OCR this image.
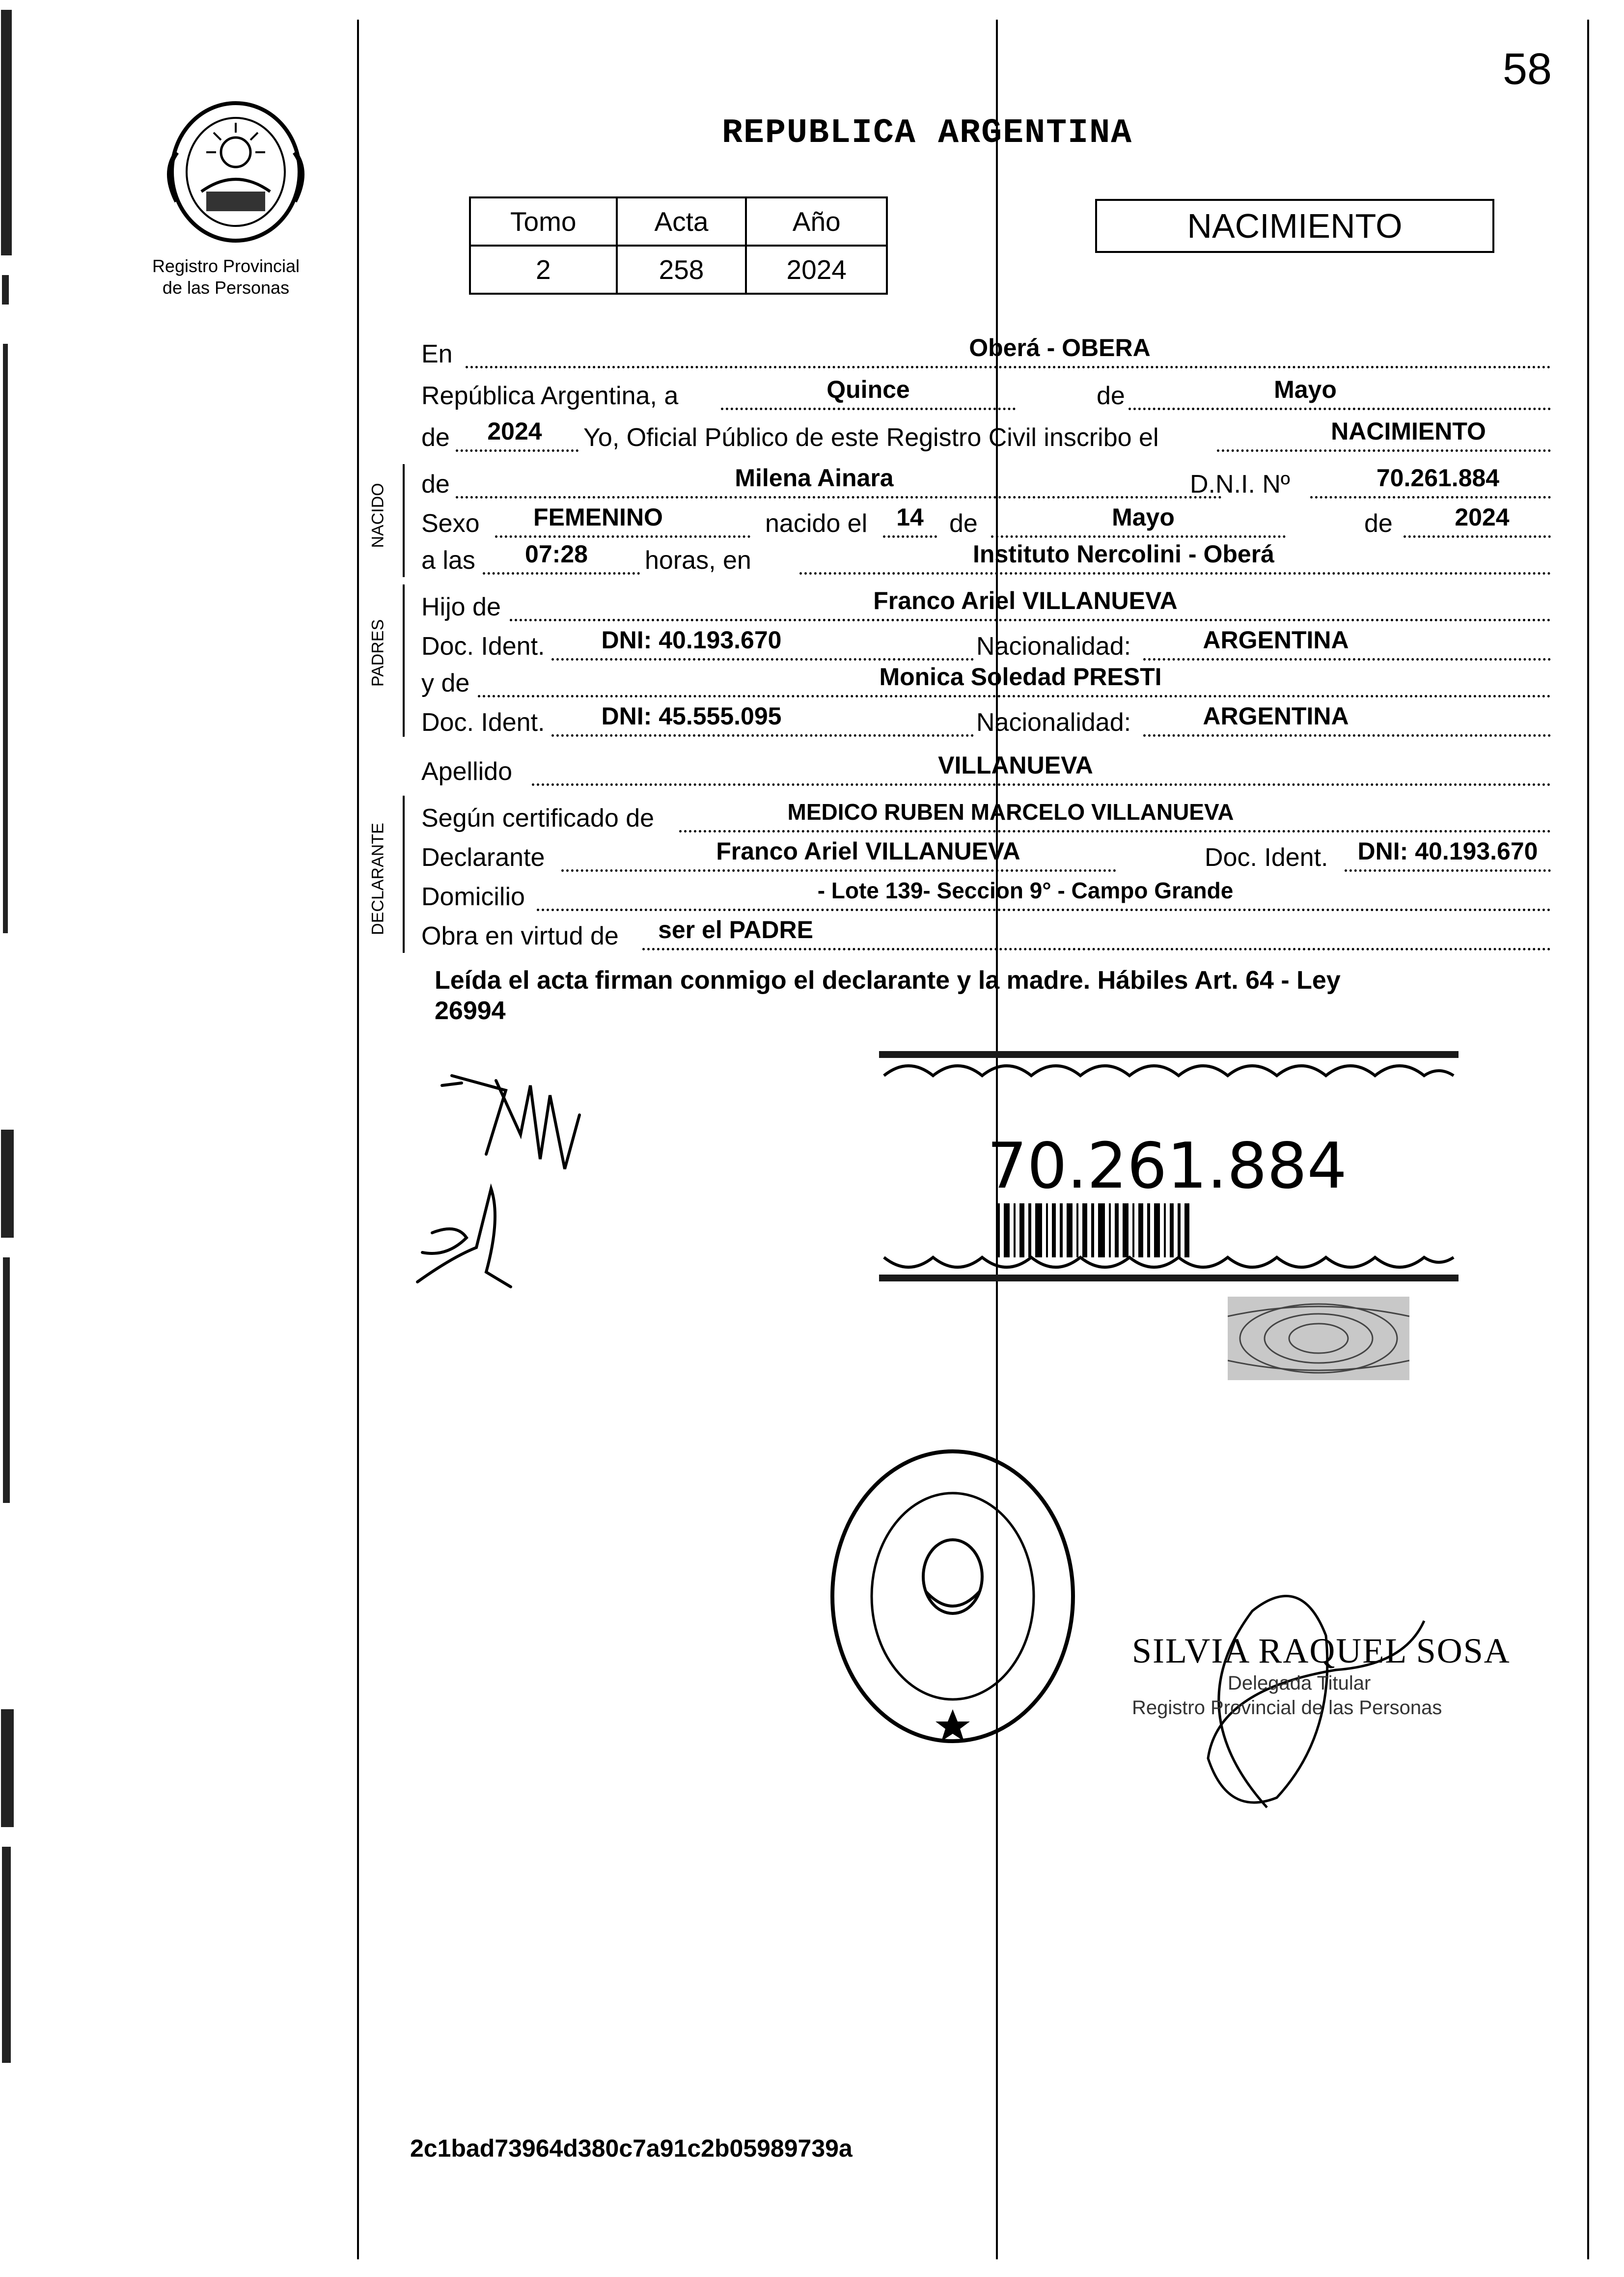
58
Registro Provincial
de las Personas
REPUBLICA ARGENTINA
Tomo	Acta	Año
2	258	2024
NACIMIENTO
En	Oberá - OBERA
República Argentina, a	Quince	de	Mayo
de	2024	Yo, Oficial Público de este Registro Civil inscribo el	NACIMIENTO
NACIDO de	Milena Ainara	D.N.I. Nº	70.261.884
Sexo	FEMENINO	nacido el 14 de	Mayo	de	2024
a las	07:28	horas, en	Instituto Nercolini - Oberá
PADRES
Hijo de	Franco Ariel VILLANUEVA
Doc. Ident.	DNI: 40.193.670	Nacionalidad:	ARGENTINA
y de	Monica Soledad PRESTI
Doc. Ident.	DNI: 45.555.095	Nacionalidad:	ARGENTINA
Apellido	VILLANUEVA
DECLARANTE
Según certificado de	MEDICO RUBEN MARCELO VILLANUEVA
Declarante	Franco Ariel VILLANUEVA	Doc. Ident.	DNI: 40.193.670
Domicilio	- Lote 139- Seccion 9° - Campo Grande
Obra en virtud de ser el PADRE
Leída el acta firman conmigo el declarante y la madre. Hábiles Art. 64 - Ley
26994
70.261.884
SILVIA RAQUEL SOSA
Delegada Titular
Registro Provincial de las Personas
2c1bad73964d380c7a91c2b05989739a
